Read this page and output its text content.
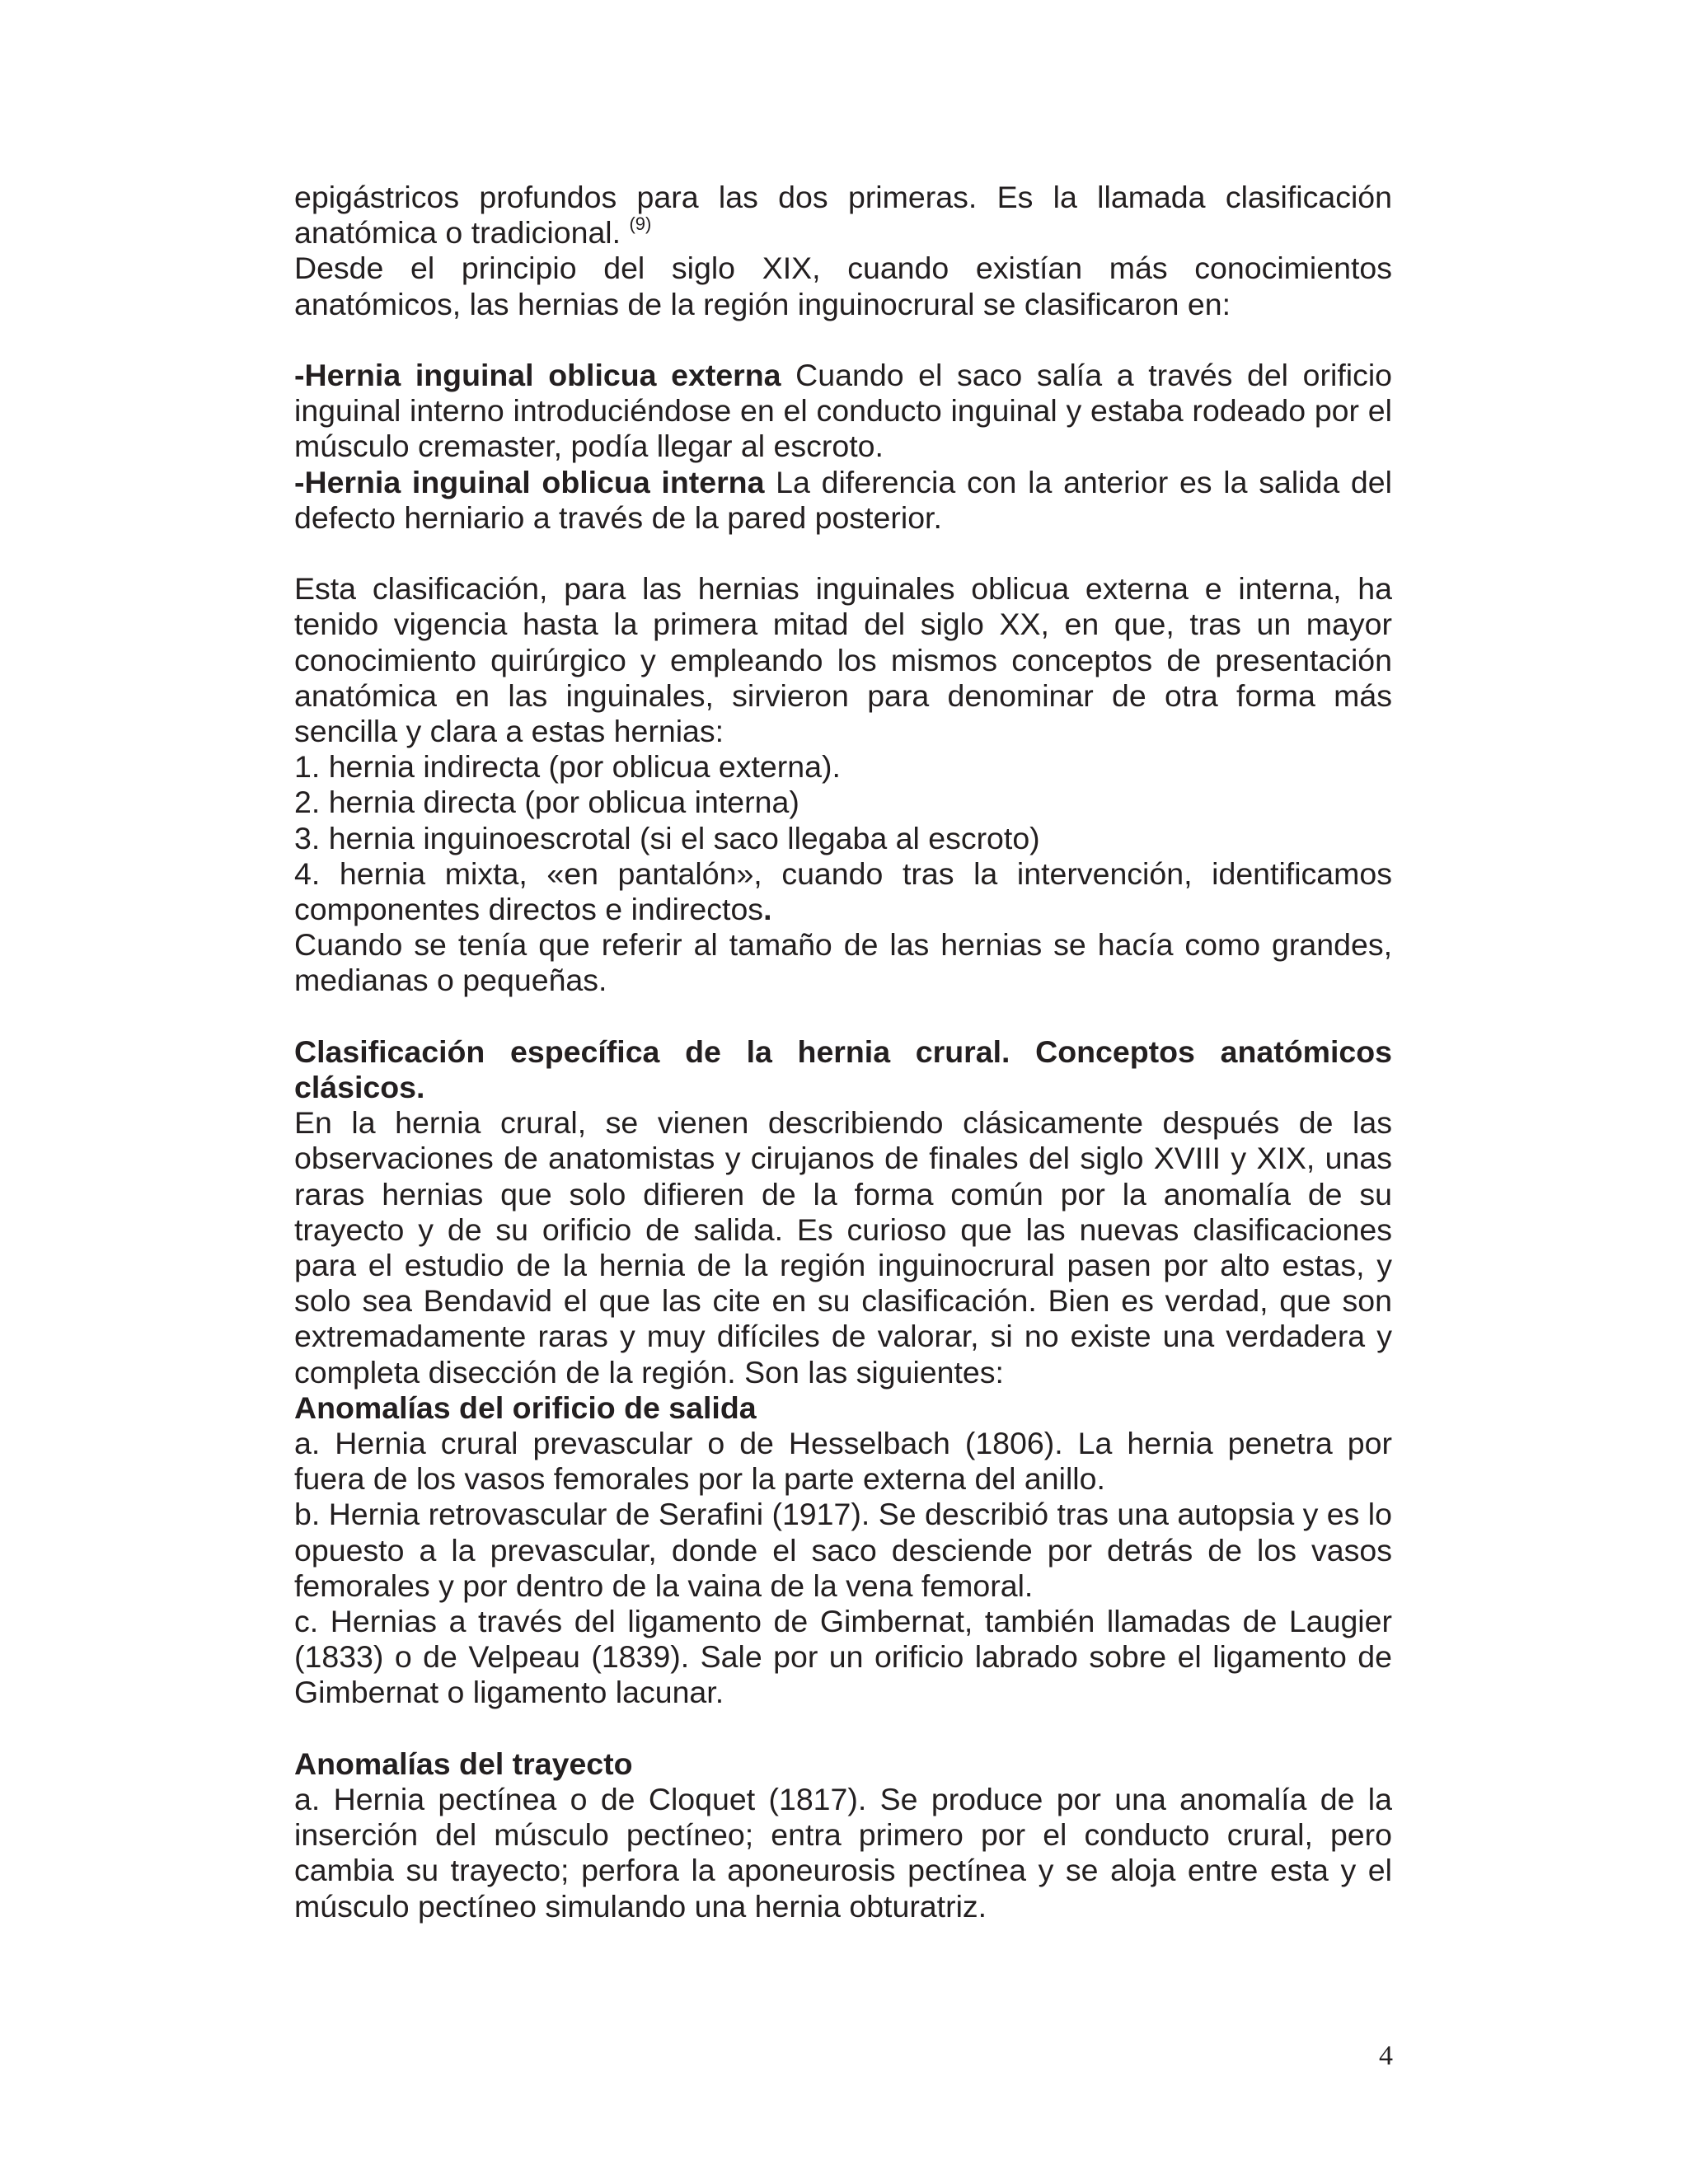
epigástricos profundos para las dos primeras. Es la llamada clasificación anatómica o tradicional. $^{(9)}$

Desde el principio del siglo XIX, cuando existían más conocimientos anatómicos, las hernias de la región inguinocrural se clasificaron en:

-Hernia inguinal oblicua externa Cuando el saco salía a través del orificio inguinal interno introduciéndose en el conducto inguinal y estaba rodeado por el músculo cremaster, podía llegar al escroto.

-Hernia inguinal oblicua interna La diferencia con la anterior es la salida del defecto herniario a través de la pared posterior.

Esta clasificación, para las hernias inguinales oblicua externa e interna, ha tenido vigencia hasta la primera mitad del siglo XX, en que, tras un mayor conocimiento quirúrgico y empleando los mismos conceptos de presentación anatómica en las inguinales, sirvieron para denominar de otra forma más sencilla y clara a estas hernias:

1. hernia indirecta (por oblicua externa).

2. hernia directa (por oblicua interna)

3. hernia inguinoescrotal (si el saco llegaba al escroto)

4. hernia mixta, «en pantalón», cuando tras la intervención, identificamos componentes directos e indirectos.

Cuando se tenía que referir al tamaño de las hernias se hacía como grandes, medianas o pequeñas.

Clasificación específica de la hernia crural. Conceptos anatómicos clásicos.

En la hernia crural, se vienen describiendo clásicamente después de las observaciones de anatomistas y cirujanos de finales del siglo XVIII y XIX, unas raras hernias que solo difieren de la forma común por la anomalía de su trayecto y de su orificio de salida. Es curioso que las nuevas clasificaciones para el estudio de la hernia de la región inguinocrural pasen por alto estas, y solo sea Bendavid el que las cite en su clasificación. Bien es verdad, que son extremadamente raras y muy difíciles de valorar, si no existe una verdadera y completa disección de la región. Son las siguientes:

Anomalías del orificio de salida

a. Hernia crural prevascular o de Hesselbach (1806). La hernia penetra por fuera de los vasos femorales por la parte externa del anillo.

b. Hernia retrovascular de Serafini (1917). Se describió tras una autopsia y es lo opuesto a la prevascular, donde el saco desciende por detrás de los vasos femorales y por dentro de la vaina de la vena femoral.

c. Hernias a través del ligamento de Gimbernat, también llamadas de Laugier (1833) o de Velpeau (1839). Sale por un orificio labrado sobre el ligamento de Gimbernat o ligamento lacunar.

Anomalías del trayecto

a. Hernia pectínea o de Cloquet (1817). Se produce por una anomalía de la inserción del músculo pectíneo; entra primero por el conducto crural, pero cambia su trayecto; perfora la aponeurosis pectínea y se aloja entre esta y el músculo pectíneo simulando una hernia obturatriz.

4
